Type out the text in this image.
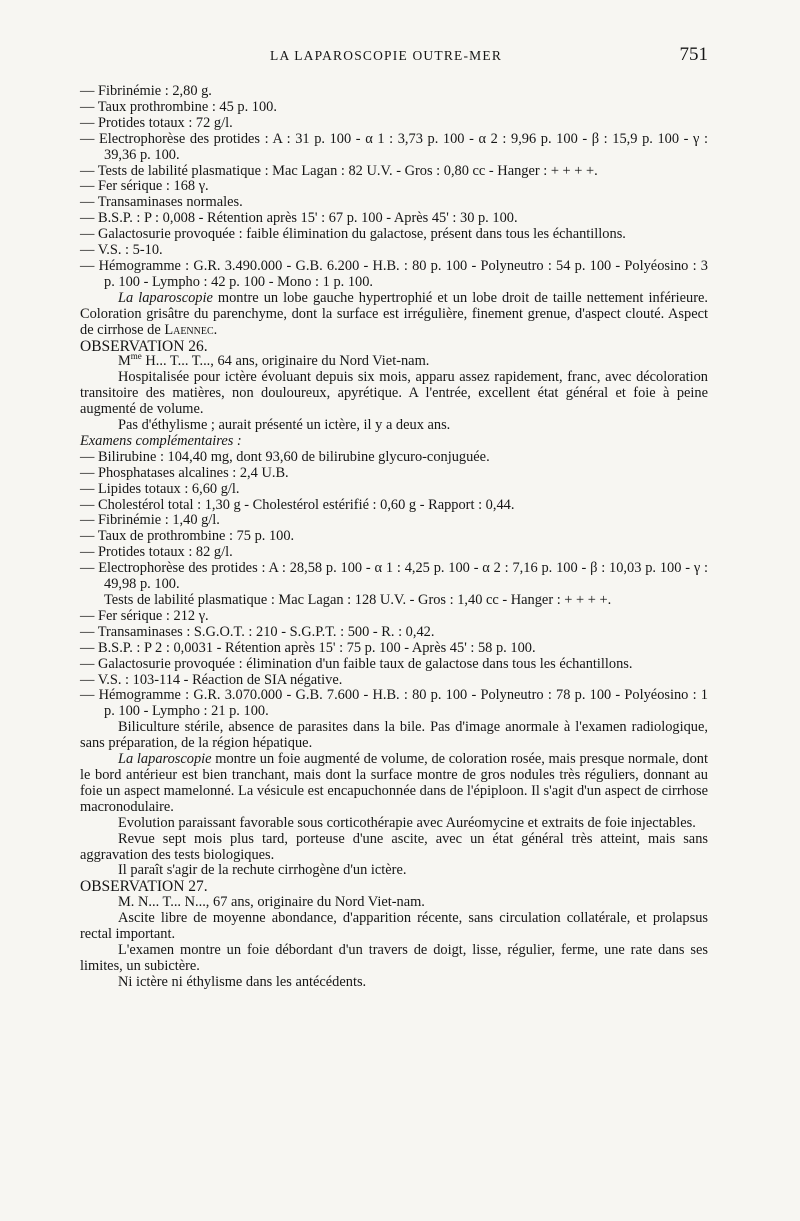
LA LAPAROSCOPIE OUTRE-MER	751

— Fibrinémie : 2,80 g.

— Taux prothrombine : 45 p. 100.

— Protides totaux : 72 g/l.

— Electrophorèse des protides : A : 31 p. 100 - α 1 : 3,73 p. 100 - α 2 : 9,96 p. 100 - β : 15,9 p. 100 - γ : 39,36 p. 100.

— Tests de labilité plasmatique : Mac Lagan : 82 U.V. - Gros : 0,80 cc - Hanger : + + + +.

— Fer sérique : 168 γ.

— Transaminases normales.

— B.S.P. : P : 0,008 - Rétention après 15' : 67 p. 100 - Après 45' : 30 p. 100.

— Galactosurie provoquée : faible élimination du galactose, présent dans tous les échantillons.

— V.S. : 5-10.

— Hémogramme : G.R. 3.490.000 - G.B. 6.200 - H.B. : 80 p. 100 - Polyneutro : 54 p. 100 - Polyéosino : 3 p. 100 - Lympho : 42 p. 100 - Mono : 1 p. 100.

La laparoscopie montre un lobe gauche hypertrophié et un lobe droit de taille nettement inférieure. Coloration grisâtre du parenchyme, dont la surface est irrégulière, finement grenue, d'aspect clouté. Aspect de cirrhose de Laennec.

OBSERVATION 26.

$M^{me}$ H... T... T..., 64 ans, originaire du Nord Viet-nam.

Hospitalisée pour ictère évoluant depuis six mois, apparu assez rapidement, franc, avec décoloration transitoire des matières, non douloureux, apyrétique. A l'entrée, excellent état général et foie à peine augmenté de volume.

Pas d'éthylisme ; aurait présenté un ictère, il y a deux ans.

Examens complémentaires :

— Bilirubine : 104,40 mg, dont 93,60 de bilirubine glycuro-conjuguée.

— Phosphatases alcalines : 2,4 U.B.

— Lipides totaux : 6,60 g/l.

— Cholestérol total : 1,30 g - Cholestérol estérifié : 0,60 g - Rapport : 0,44.

— Fibrinémie : 1,40 g/l.

— Taux de prothrombine : 75 p. 100.

— Protides totaux : 82 g/l.

— Electrophorèse des protides : A : 28,58 p. 100 - α 1 : 4,25 p. 100 - α 2 : 7,16 p. 100 - β : 10,03 p. 100 - γ : 49,98 p. 100.

Tests de labilité plasmatique : Mac Lagan : 128 U.V. - Gros : 1,40 cc - Hanger : + + + +.

— Fer sérique : 212 γ.

— Transaminases : S.G.O.T. : 210 - S.G.P.T. : 500 - R. : 0,42.

— B.S.P. : P 2 : 0,0031 - Rétention après 15' : 75 p. 100 - Après 45' : 58 p. 100.

— Galactosurie provoquée : élimination d'un faible taux de galactose dans tous les échantillons.

— V.S. : 103-114 - Réaction de SIA négative.

— Hémogramme : G.R. 3.070.000 - G.B. 7.600 - H.B. : 80 p. 100 - Polyneutro : 78 p. 100 - Polyéosino : 1 p. 100 - Lympho : 21 p. 100.

Biliculture stérile, absence de parasites dans la bile. Pas d'image anormale à l'examen radiologique, sans préparation, de la région hépatique.

La laparoscopie montre un foie augmenté de volume, de coloration rosée, mais presque normale, dont le bord antérieur est bien tranchant, mais dont la surface montre de gros nodules très réguliers, donnant au foie un aspect mamelonné. La vésicule est encapuchonnée dans de l'épiploon. Il s'agit d'un aspect de cirrhose macronodulaire.

Evolution paraissant favorable sous corticothérapie avec Auréomycine et extraits de foie injectables.

Revue sept mois plus tard, porteuse d'une ascite, avec un état général très atteint, mais sans aggravation des tests biologiques.

Il paraît s'agir de la rechute cirrhogène d'un ictère.

OBSERVATION 27.

M. N... T... N..., 67 ans, originaire du Nord Viet-nam.

Ascite libre de moyenne abondance, d'apparition récente, sans circulation collatérale, et prolapsus rectal important.

L'examen montre un foie débordant d'un travers de doigt, lisse, régulier, ferme, une rate dans ses limites, un subictère.

Ni ictère ni éthylisme dans les antécédents.
